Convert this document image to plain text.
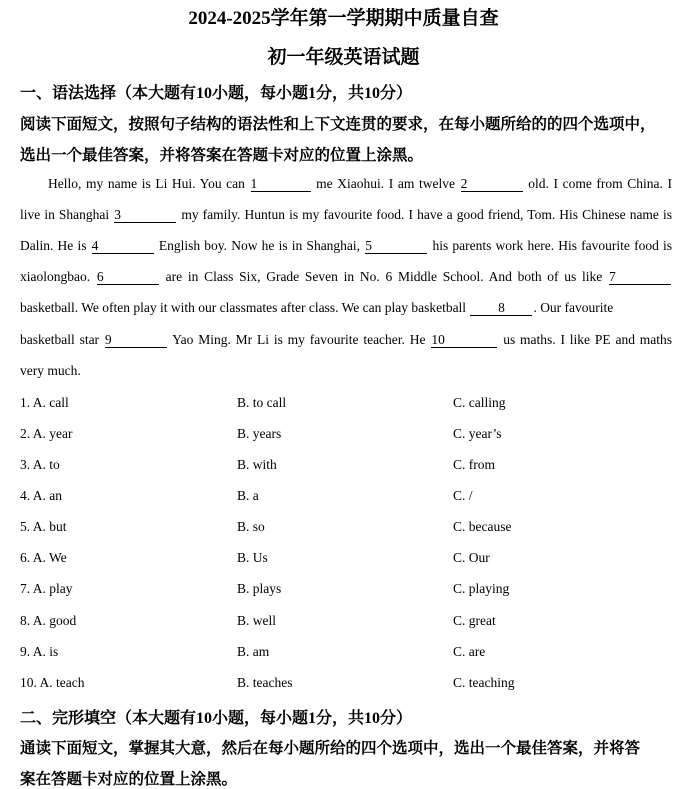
2024-2025学年第一学期期中质量自查
初一年级英语试题
一、语法选择（本大题有10小题，每小题1分，共10分）
阅读下面短文，按照句子结构的语法性和上下文连贯的要求，在每小题所给的的四个选项中，
选出一个最佳答案，并将答案在答题卡对应的位置上涂黑。
Hello, my name is Li Hui. You can 1	me Xiaohui. I am twelve 2	old. I come from China. I
live in Shanghai 3	my family. Huntun is my favourite food. I have a good friend, Tom. His Chinese name is
Dalin. He is 4	English boy. Now he is in Shanghai, 5	his parents work here. His favourite food is
xiaolongbao. 6	are in Class Six, Grade Seven in No. 6 Middle School. And both of us like 7
basketball. We often play it with our classmates after class. We can play basketball 8 . Our favourite
basketball star 9	Yao Ming. Mr Li is my favourite teacher. He 10	us maths. I like PE and maths
very much.
1. A. call	B. to call	C. calling
2. A. year	B. years	C. year’s
3. A. to	B. with	C. from
4. A. an	B. a	C. /
5. A. but	B. so	C. because
6. A. We	B. Us	C. Our
7. A. play	B. plays	C. playing
8. A. good	B. well	C. great
9. A. is	B. am	C. are
10. A. teach	B. teaches	C. teaching
二、完形填空（本大题有10小题，每小题1分，共10分）
通读下面短文，掌握其大意，然后在每小题所给的四个选项中，选出一个最佳答案，并将答
案在答题卡对应的位置上涂黑。
